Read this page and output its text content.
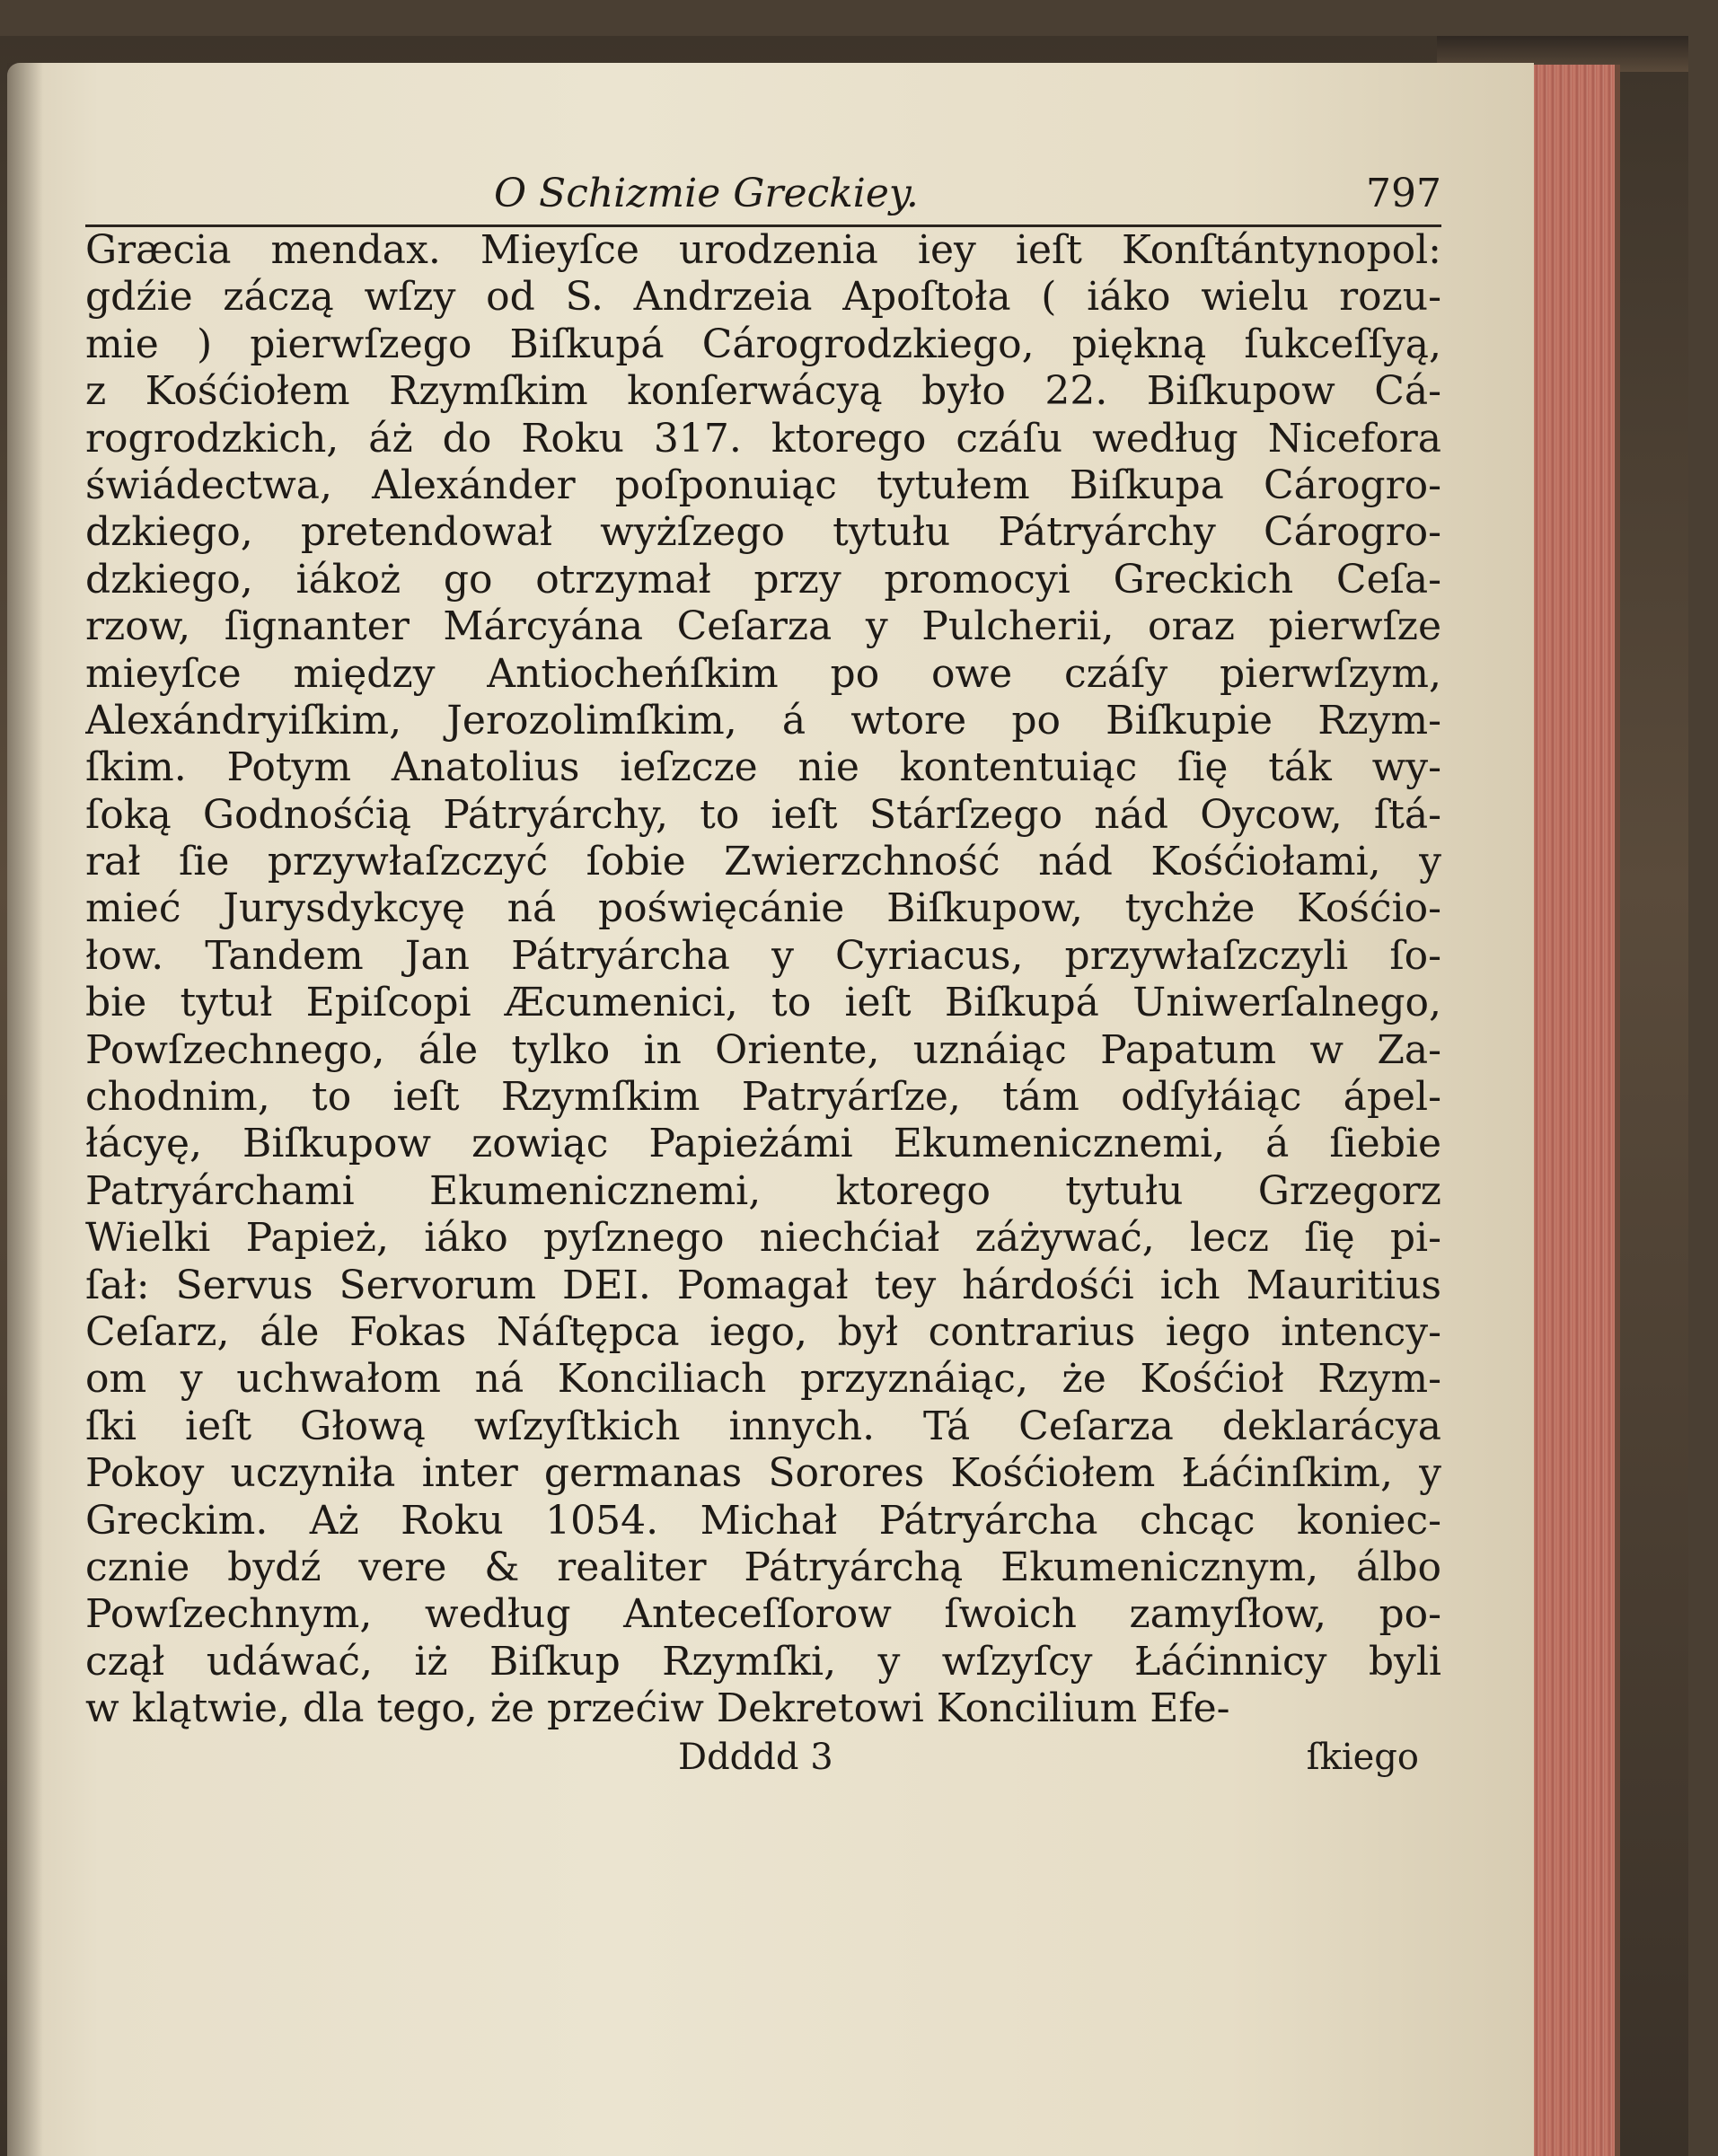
O Schizmie Greckiey.	797
Græcia mendax. Mieyſce urodzenia iey ieſt Konſtántynopol:
gdźie záczą wſzy od S. Andrzeia Apoſtoła ( iáko wielu rozu-
mie ) pierwſzego Biſkupá Cárogrodzkiego, piękną ſukceſſyą,
z Kośćiołem Rzymſkim konſerwácyą było 22. Biſkupow Cá-
rogrodzkich, áż do Roku 317. ktorego czáſu według Nicefora
świádectwa, Alexánder poſponuiąc tytułem Biſkupa Cárogro-
dzkiego, pretendował wyżſzego tytułu Pátryárchy Cárogro-
dzkiego, iákoż go otrzymał przy promocyi Greckich Ceſa-
rzow, ſignanter Márcyána Ceſarza y Pulcherii, oraz pierwſze
mieyſce między Antiocheńſkim po owe czáſy pierwſzym,
Alexándryiſkim, Jerozolimſkim, á wtore po Biſkupie Rzym-
ſkim. Potym Anatolius ieſzcze nie kontentuiąc ſię ták wy-
ſoką Godnośćią Pátryárchy, to ieſt Stárſzego nád Oycow, ſtá-
rał ſie przywłaſzczyć ſobie Zwierzchność nád Kośćiołami, y
mieć Jurysdykcyę ná poświęcánie Biſkupow, tychże Kośćio-
łow. Tandem Jan Pátryárcha y Cyriacus, przywłaſzczyli ſo-
bie tytuł Epiſcopi Æcumenici, to ieſt Biſkupá Uniwerſalnego,
Powſzechnego, ále tylko in Oriente, uznáiąc Papatum w Za-
chodnim, to ieſt Rzymſkim Patryárſze, tám odſyłáiąc ápel-
łácyę, Biſkupow zowiąc Papieżámi Ekumenicznemi, á ſiebie
Patryárchami Ekumenicznemi, ktorego tytułu Grzegorz
Wielki Papież, iáko pyſznego niechćiał záżywać, lecz ſię pi-
ſał: Servus Servorum DEI. Pomagał tey hárdośći ich Mauritius
Ceſarz, ále Fokas Náſtępca iego, był contrarius iego intency-
om y uchwałom ná Konciliach przyznáiąc, że Kośćioł Rzym-
ſki ieſt Głową wſzyſtkich innych. Tá Ceſarza deklarácya
Pokoy uczyniła inter germanas Sorores Kośćiołem Łáćinſkim, y
Greckim. Aż Roku 1054. Michał Pátryárcha chcąc koniec-
cznie bydź vere & realiter Pátryárchą Ekumenicznym, álbo
Powſzechnym, według Anteceſſorow ſwoich zamyſłow, po-
czął udáwać, iż Biſkup Rzymſki, y wſzyſcy Łáćinnicy byli
w klątwie, dla tego, że przećiw Dekretowi Koncilium Efe-
Ddddd 3	ſkiego
